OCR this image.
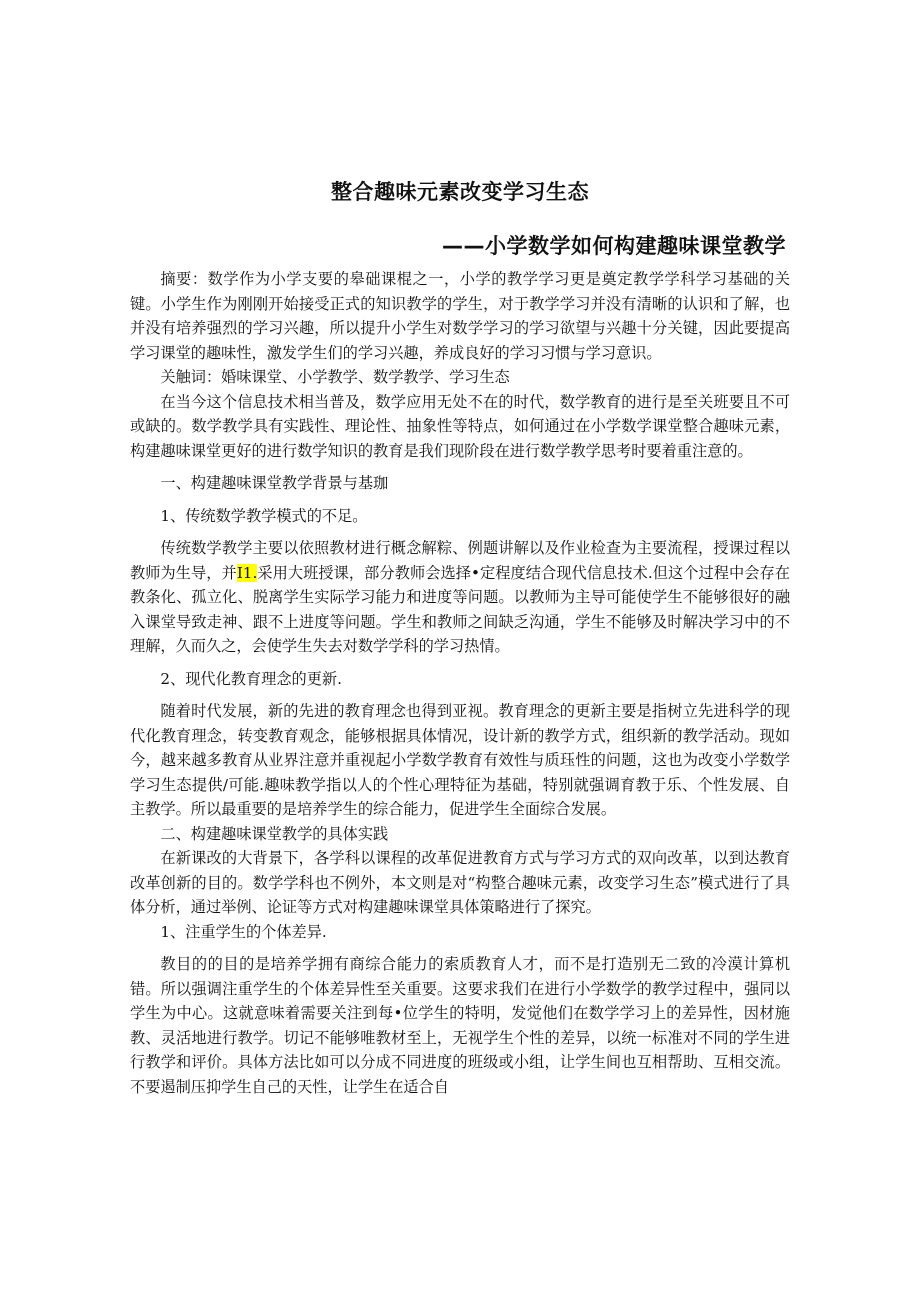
整合趣味元素改变学习生态
——小学数学如何构建趣味课堂教学

摘要：数学作为小学支要的皋础课棍之一，小学的教学学习更是奠定教学学科学习基础的关键。小学生作为刚刚开始接受正式的知识教学的学生，对于教学学习并没有清晰的认识和了解，也并没有培养强烈的学习兴趣，所以提升小学生对数学学习的学习欲望与兴趣十分关键，因此要提高学习课堂的趣味性，激发学生们的学习兴趣，养成良好的学习习惯与学习意识。

关触词：婚味课堂、小学教学、数学教学、学习生态

在当今这个信息技术相当普及，数学应用无处不在的时代，数学教育的进行是至关班要且不可或缺的。数学教学具有实践性、理论性、抽象性等特点，如何通过在小学数学课堂整合趣味元素，构建趣味课堂更好的进行数学知识的教育是我们现阶段在进行数学教学思考时要着重注意的。

一、构建趣味课堂教学背景与基珈

1、传统数学教学模式的不足。

传统数学教学主要以依照教材进行概念解粽、例题讲解以及作业检查为主要流程，授课过程以教师为生导，并I1.采用大班授课，部分教师会选择•定程度结合现代信息技术.但这个过程中会存在教条化、孤立化、脱离学生实际学习能力和进度等问题。以教师为主导可能使学生不能够很好的融入课堂导致走神、跟不上进度等问题。学生和教师之间缺乏沟通，学生不能够及时解决学习中的不理解，久而久之，会使学生失去对数学学科的学习热情。

2、现代化教育理念的更新.

随着时代发展，新的先进的教育理念也得到亚视。教育理念的更新主要是指树立先进科学的现代化教育理念，转变教育观念，能够根据具体情况，设计新的教学方式，组织新的教学活动。现如今，越来越多教育从业界注意并重视起小学数学教育有效性与质珏性的问题，这也为改变小学数学学习生态提供/可能.趣味教学指以人的个性心理特征为基础，特别就强调育教于乐、个性发展、自主教学。所以最重要的是培养学生的综合能力，促进学生全面综合发展。

二、构建趣味课堂教学的具体实践

在新课改的大背景下，各学科以课程的改革促进教育方式与学习方式的双向改革，以到达教育改革创新的目的。数学学科也不例外，本文则是对“构整合趣味元素，改变学习生态”模式进行了具体分析，通过举例、论证等方式对构建趣味课堂具体策略进行了探究。

1、注重学生的个体差异.

教目的的目的是培养学拥有商综合能力的索质教育人才，而不是打造别无二致的冷漠计算机错。所以强调注重学生的个体差异性至关重要。这要求我们在进行小学数学的教学过程中，强同以学生为中心。这就意味着需要关注到每•位学生的特明，发觉他们在数学学习上的差异性，因材施教、灵活地进行教学。切记不能够唯教材至上，无视学生个性的差异，以统一标准对不同的学生进行教学和评价。具体方法比如可以分成不同进度的班级或小组，让学生间也互相帮助、互相交流。不要遏制压抑学生自己的天性，让学生在适合自
